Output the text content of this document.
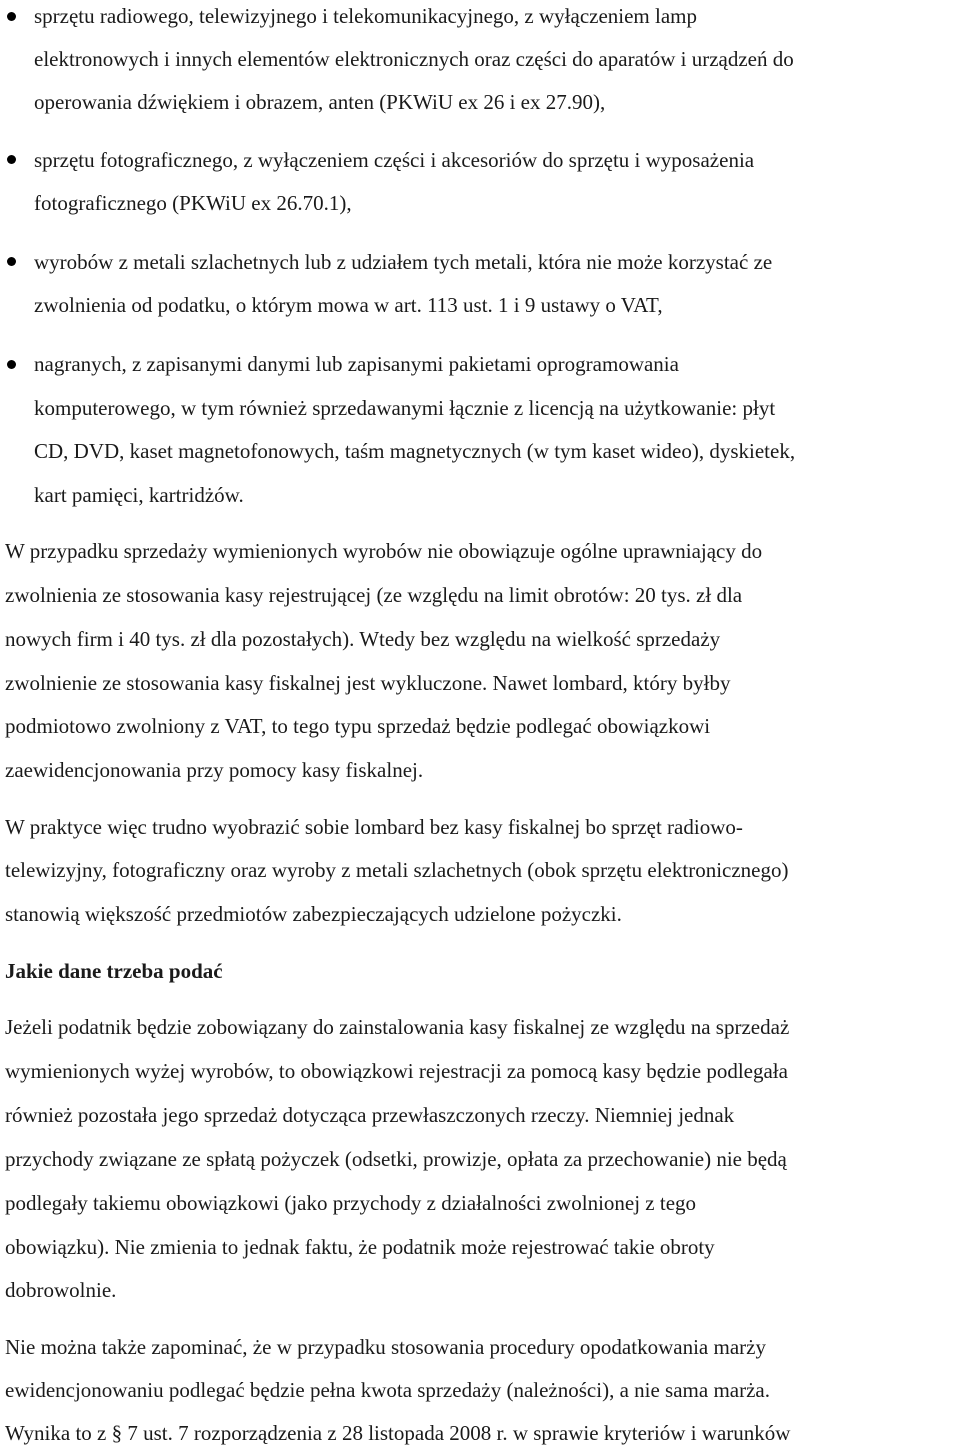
sprzętu radiowego, telewizyjnego i telekomunikacyjnego, z wyłączeniem lamp
elektronowych i innych elementów elektronicznych oraz części do aparatów i urządzeń do
operowania dźwiękiem i obrazem, anten (PKWiU ex 26 i ex 27.90),
sprzętu fotograficznego, z wyłączeniem części i akcesoriów do sprzętu i wyposażenia
fotograficznego (PKWiU ex 26.70.1),
wyrobów z metali szlachetnych lub z udziałem tych metali, która nie może korzystać ze
zwolnienia od podatku, o którym mowa w art. 113 ust. 1 i 9 ustawy o VAT,
nagranych, z zapisanymi danymi lub zapisanymi pakietami oprogramowania
komputerowego, w tym również sprzedawanymi łącznie z licencją na użytkowanie: płyt
CD, DVD, kaset magnetofonowych, taśm magnetycznych (w tym kaset wideo), dyskietek,
kart pamięci, kartridżów.
W przypadku sprzedaży wymienionych wyrobów nie obowiązuje ogólne uprawniający do
zwolnienia ze stosowania kasy rejestrującej (ze względu na limit obrotów: 20 tys. zł dla
nowych firm i 40 tys. zł dla pozostałych). Wtedy bez względu na wielkość sprzedaży
zwolnienie ze stosowania kasy fiskalnej jest wykluczone. Nawet lombard, który byłby
podmiotowo zwolniony z VAT, to tego typu sprzedaż będzie podlegać obowiązkowi
zaewidencjonowania przy pomocy kasy fiskalnej.
W praktyce więc trudno wyobrazić sobie lombard bez kasy fiskalnej bo sprzęt radiowo-
telewizyjny, fotograficzny oraz wyroby z metali szlachetnych (obok sprzętu elektronicznego)
stanowią większość przedmiotów zabezpieczających udzielone pożyczki.
Jakie dane trzeba podać
Jeżeli podatnik będzie zobowiązany do zainstalowania kasy fiskalnej ze względu na sprzedaż
wymienionych wyżej wyrobów, to obowiązkowi rejestracji za pomocą kasy będzie podlegała
również pozostała jego sprzedaż dotycząca przewłaszczonych rzeczy. Niemniej jednak
przychody związane ze spłatą pożyczek (odsetki, prowizje, opłata za przechowanie) nie będą
podlegały takiemu obowiązkowi (jako przychody z działalności zwolnionej z tego
obowiązku). Nie zmienia to jednak faktu, że podatnik może rejestrować takie obroty
dobrowolnie.
Nie można także zapominać, że w przypadku stosowania procedury opodatkowania marży
ewidencjonowaniu podlegać będzie pełna kwota sprzedaży (należności), a nie sama marża.
Wynika to z § 7 ust. 7 rozporządzenia z 28 listopada 2008 r. w sprawie kryteriów i warunków
